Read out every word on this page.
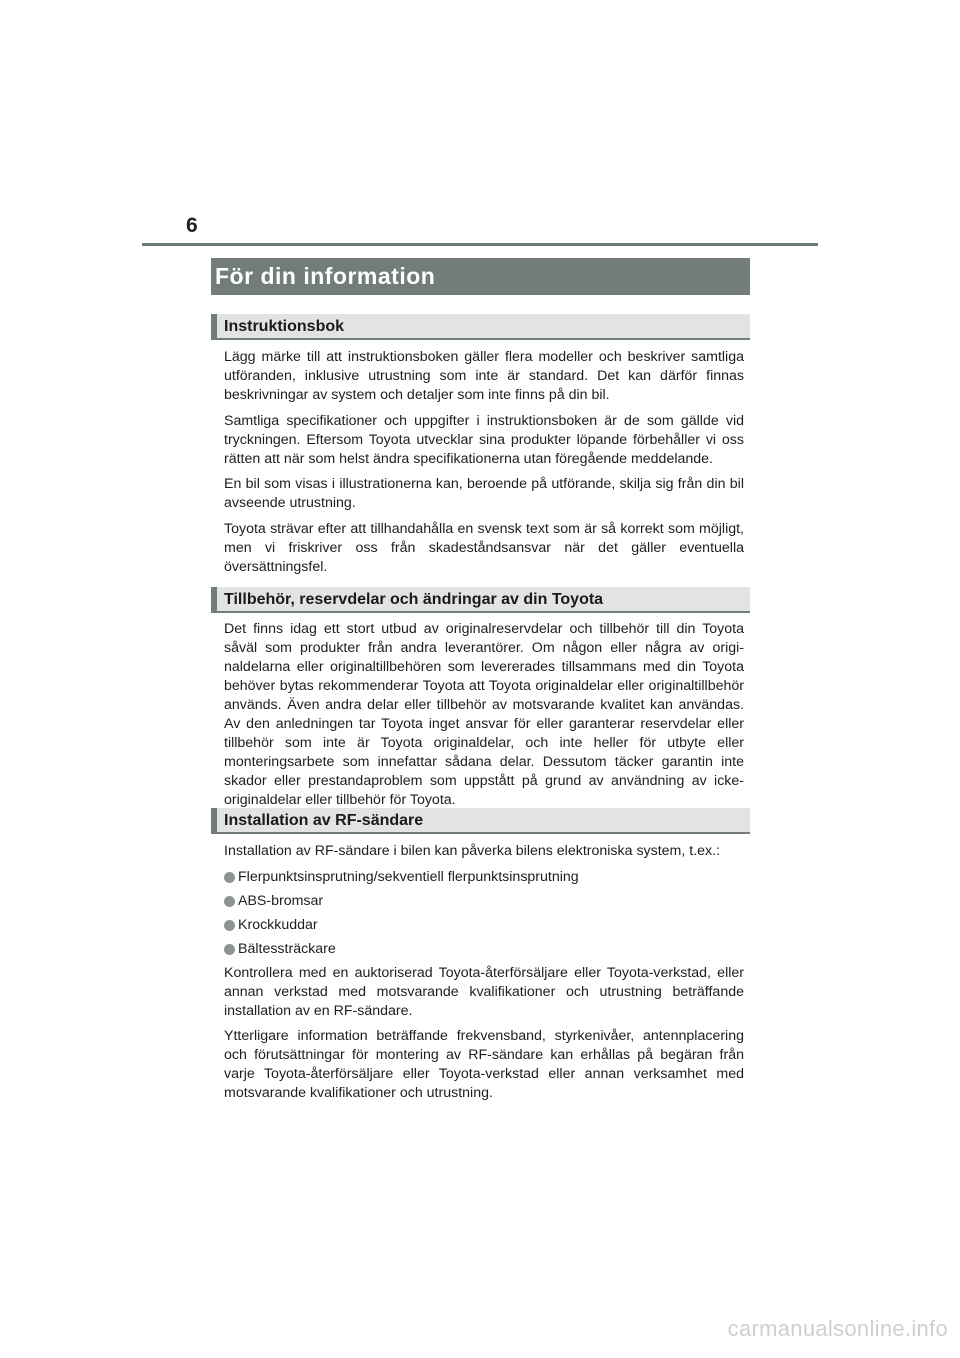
6
För din information
Instruktionsbok

Lägg märke till att instruktionsboken gäller flera modeller och beskriver samtliga utföranden, inklusive utrustning som inte är standard. Det kan därför finnas beskrivningar av system och detaljer som inte finns på din bil.

Samtliga specifikationer och uppgifter i instruktionsboken är de som gällde vid tryckningen. Eftersom Toyota utvecklar sina produkter löpande förbehåller vi oss rätten att när som helst ändra specifikationerna utan föregående meddelande.

En bil som visas i illustrationerna kan, beroende på utförande, skilja sig från din bil avseende utrustning.

Toyota strävar efter att tillhandahålla en svensk text som är så korrekt som möjligt, men vi friskriver oss från skadeståndsansvar när det gäller eventuella översättningsfel.

Tillbehör, reservdelar och ändringar av din Toyota

Det finns idag ett stort utbud av originalreservdelar och tillbehör till din Toyota såväl som produkter från andra leverantörer. Om någon eller några av originaldelarna eller originaltillbehören som levererades tillsammans med din Toyota behöver bytas rekommenderar Toyota att Toyota originaldelar eller originaltillbehör används. Även andra delar eller tillbehör av motsvarande kvalitet kan användas. Av den anledningen tar Toyota inget ansvar för eller garanterar reservdelar eller tillbehör som inte är Toyota originaldelar, och inte heller för utbyte eller monteringsarbete som innefattar sådana delar. Dessutom täcker garantin inte skador eller prestandaproblem som uppstått på grund av användning av icke-originaldelar eller tillbehör för Toyota.

Installation av RF-sändare

Installation av RF-sändare i bilen kan påverka bilens elektroniska system, t.ex.:

Flerpunktsinsprutning/sekventiell flerpunktsinsprutning
ABS-bromsar
Krockkuddar
Bältessträckare

Kontrollera med en auktoriserad Toyota-återförsäljare eller Toyota-verkstad, eller annan verkstad med motsvarande kvalifikationer och utrustning beträffande installation av en RF-sändare.

Ytterligare information beträffande frekvensband, styrkenivåer, antennplacering och förutsättningar för montering av RF-sändare kan erhållas på begäran från varje Toyota-återförsäljare eller Toyota-verkstad eller annan verksamhet med motsvarande kvalifikationer och utrustning.

carmanualsonline.info
